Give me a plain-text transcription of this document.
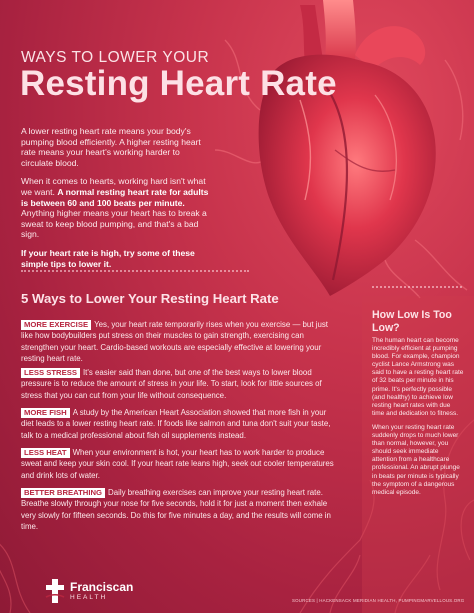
WAYS TO LOWER YOUR
Resting Heart Rate

A lower resting heart rate means your body's pumping blood efficiently. A higher resting heart rate means your heart's working harder to circulate blood.

When it comes to hearts, working hard isn't what we want. A normal resting heart rate for adults is between 60 and 100 beats per minute. Anything higher means your heart has to break a sweat to keep blood pumping, and that's a bad sign.

If your heart rate is high, try some of these simple tips to lower it.

5 Ways to Lower Your Resting Heart Rate
MORE EXERCISE Yes, your heart rate temporarily rises when you exercise — but just like how bodybuilders put stress on their muscles to gain strength, exercising can strengthen your heart. Cardio-based workouts are especially effective at lowering your resting heart rate.
LESS STRESS It's easier said than done, but one of the best ways to lower blood pressure is to reduce the amount of stress in your life. To start, look for little sources of stress that you can cut from your life without consequence.
MORE FISH A study by the American Heart Association showed that more fish in your diet leads to a lower resting heart rate. If foods like salmon and tuna don't suit your taste, talk to a medical professional about fish oil supplements instead.
LESS HEAT When your environment is hot, your heart has to work harder to produce sweat and keep your skin cool. If your heart rate leans high, seek out cooler temperatures and drink lots of water.
BETTER BREATHING Daily breathing exercises can improve your resting heart rate. Breathe slowly through your nose for five seconds, hold it for just a moment then exhale very slowly for fifteen seconds. Do this for five minutes a day, and the results will come in time.
How Low Is Too Low?

The human heart can become incredibly efficient at pumping blood. For example, champion cyclist Lance Armstrong was said to have a resting heart rate of 32 beats per minute in his prime. It's perfectly possible (and healthy) to achieve low resting heart rates with due time and dedication to fitness.

When your resting heart rate suddenly drops to much lower than normal, however, you should seek immediate attention from a healthcare professional. An abrupt plunge in beats per minute is typically the symptom of a dangerous medical episode.

Franciscan
HEALTH	SOURCES | HACKENSACK MERIDIAN HEALTH, PUMPINGMARVELLOUS.ORG
